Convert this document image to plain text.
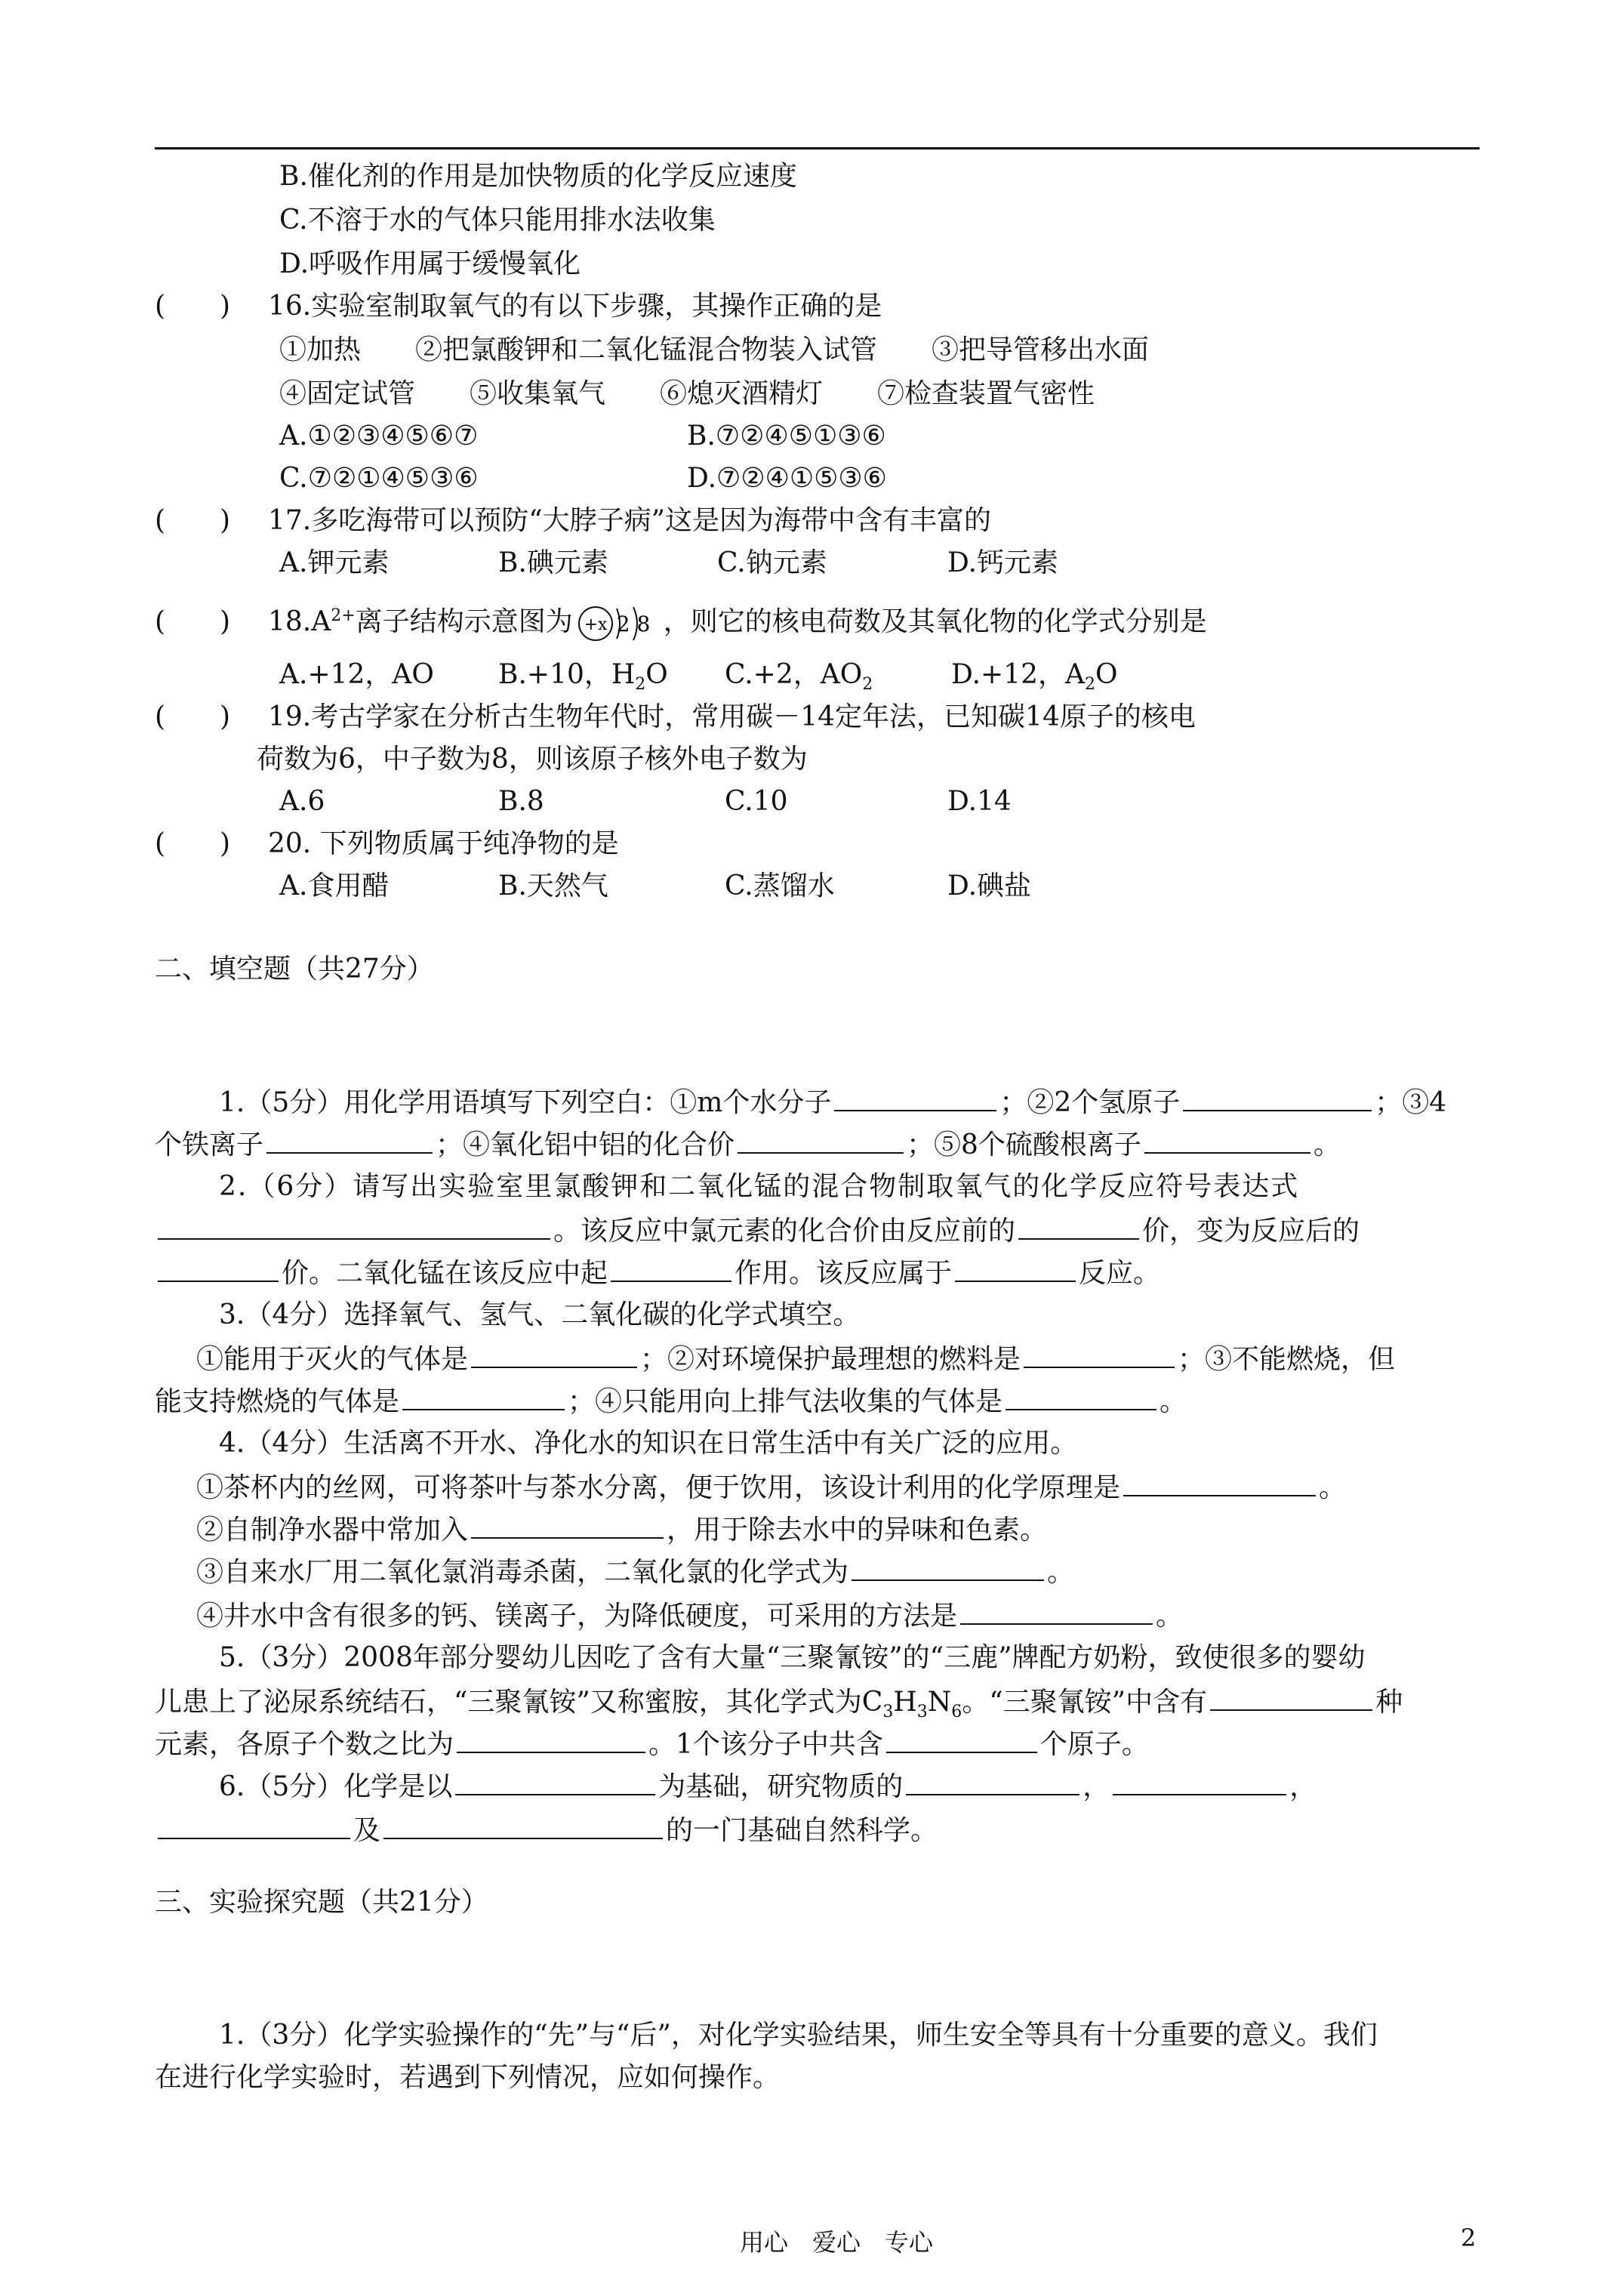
B.催化剂的作用是加快物质的化学反应速度
C.不溶于水的气体只能用排水法收集
D.呼吸作用属于缓慢氧化
(　　) 16.实验室制取氧气的有以下步骤，其操作正确的是
①加热　　②把氯酸钾和二氧化锰混合物装入试管　　③把导管移出水面
④固定试管　　⑤收集氧气　　⑥熄灭酒精灯　　⑦检查装置气密性
A.①②③④⑤⑥⑦	B.⑦②④⑤①③⑥
C.⑦②①④⑤③⑥	D.⑦②④①⑤③⑥
(　　) 17.多吃海带可以预防“大脖子病”这是因为海带中含有丰富的
A.钾元素	B.碘元素	C.钠元素	D.钙元素
(　　) $18.A^{2+}$离子结构示意图为 +x 2 8 ，则它的核电荷数及其氧化物的化学式分别是
A.+12，AO B.+10，$H_2O$ C.+2，$AO_2$	D.+12，$A_2O$
(　　) 19.考古学家在分析古生物年代时，常用碳－14定年法，已知碳14原子的核电
荷数为6，中子数为8，则该原子核外电子数为
A.6	B.8	C.10	D.14
(　　) 20. 下列物质属于纯净物的是
A.食用醋	B.天然气	C.蒸馏水	D.碘盐
二、填空题（共27分）
1.（5分）用化学用语填写下列空白：①m个水分子	；②2个氢原子	；③4
个铁离子	；④氧化铝中铝的化合价	；⑤8个硫酸根离子	。
2.（6分）请写出实验室里氯酸钾和二氧化锰的混合物制取氧气的化学反应符号表达式
。该反应中氯元素的化合价由反应前的	价，变为反应后的
价。二氧化锰在该反应中起	作用。该反应属于	反应。
3.（4分）选择氧气、氢气、二氧化碳的化学式填空。
①能用于灭火的气体是	；②对环境保护最理想的燃料是	；③不能燃烧，但
能支持燃烧的气体是	；④只能用向上排气法收集的气体是	。
4.（4分）生活离不开水、净化水的知识在日常生活中有关广泛的应用。
①茶杯内的丝网，可将茶叶与茶水分离，便于饮用，该设计利用的化学原理是	。
②自制净水器中常加入	，用于除去水中的异味和色素。
③自来水厂用二氧化氯消毒杀菌，二氧化氯的化学式为	。
④井水中含有很多的钙、镁离子，为降低硬度，可采用的方法是	。
5.（3分）2008年部分婴幼儿因吃了含有大量“三聚氰铵”的“三鹿”牌配方奶粉，致使很多的婴幼
儿患上了泌尿系统结石，“三聚氰铵”又称蜜胺，其化学式为$C_3H_3N_6$。“三聚氰铵”中含有	种
元素，各原子个数之比为	。1个该分子中共含	个原子。
6.（5分）化学是以	为基础，研究物质的	，	，
及	的一门基础自然科学。
三、实验探究题（共21分）
1.（3分）化学实验操作的“先”与“后”，对化学实验结果，师生安全等具有十分重要的意义。我们
在进行化学实验时，若遇到下列情况，应如何操作。
用心　爱心　专心	2
